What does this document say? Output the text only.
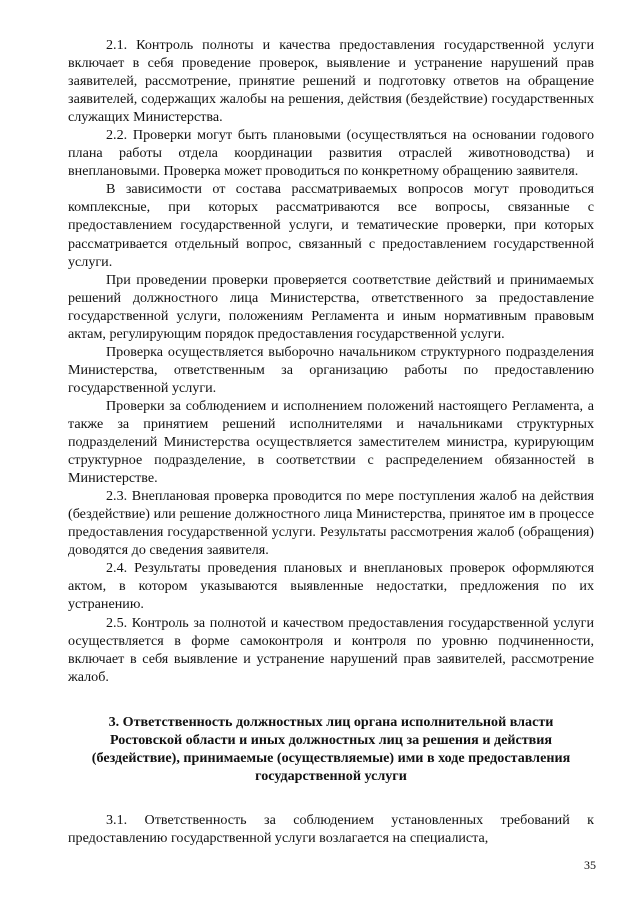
2.1. Контроль полноты и качества предоставления государственной услуги включает в себя проведение проверок, выявление и устранение нарушений прав заявителей, рассмотрение, принятие решений и подготовку ответов на обращение заявителей, содержащих жалобы на решения, действия (бездействие) государственных служащих Министерства.

2.2. Проверки могут быть плановыми (осуществляться на основании годового плана работы отдела координации развития отраслей животноводства) и внеплановыми. Проверка может проводиться по конкретному обращению заявителя.

В зависимости от состава рассматриваемых вопросов могут проводиться комплексные, при которых рассматриваются все вопросы, связанные с предоставлением государственной услуги, и тематические проверки, при которых рассматривается отдельный вопрос, связанный с предоставлением государственной услуги.

При проведении проверки проверяется соответствие действий и принимаемых решений должностного лица Министерства, ответственного за предоставление государственной услуги, положениям Регламента и иным нормативным правовым актам, регулирующим порядок предоставления государственной услуги.

Проверка осуществляется выборочно начальником структурного подразделения Министерства, ответственным за организацию работы по предоставлению государственной услуги.

Проверки за соблюдением и исполнением положений настоящего Регламента, а также за принятием решений исполнителями и начальниками структурных подразделений Министерства осуществляется заместителем министра, курирующим структурное подразделение, в соответствии с распределением обязанностей в Министерстве.

2.3. Внеплановая проверка проводится по мере поступления жалоб на действия (бездействие) или решение должностного лица Министерства, принятое им в процессе предоставления государственной услуги. Результаты рассмотрения жалоб (обращения) доводятся до сведения заявителя.

2.4. Результаты проведения плановых и внеплановых проверок оформляются актом, в котором указываются выявленные недостатки, предложения по их устранению.

2.5. Контроль за полнотой и качеством предоставления государственной услуги осуществляется в форме самоконтроля и контроля по уровню подчиненности, включает в себя выявление и устранение нарушений прав заявителей, рассмотрение жалоб.

3. Ответственность должностных лиц органа исполнительной власти Ростовской области и иных должностных лиц за решения и действия (бездействие), принимаемые (осуществляемые) ими в ходе предоставления государственной услуги

3.1. Ответственность за соблюдением установленных требований к предоставлению государственной услуги возлагается на специалиста,

35
